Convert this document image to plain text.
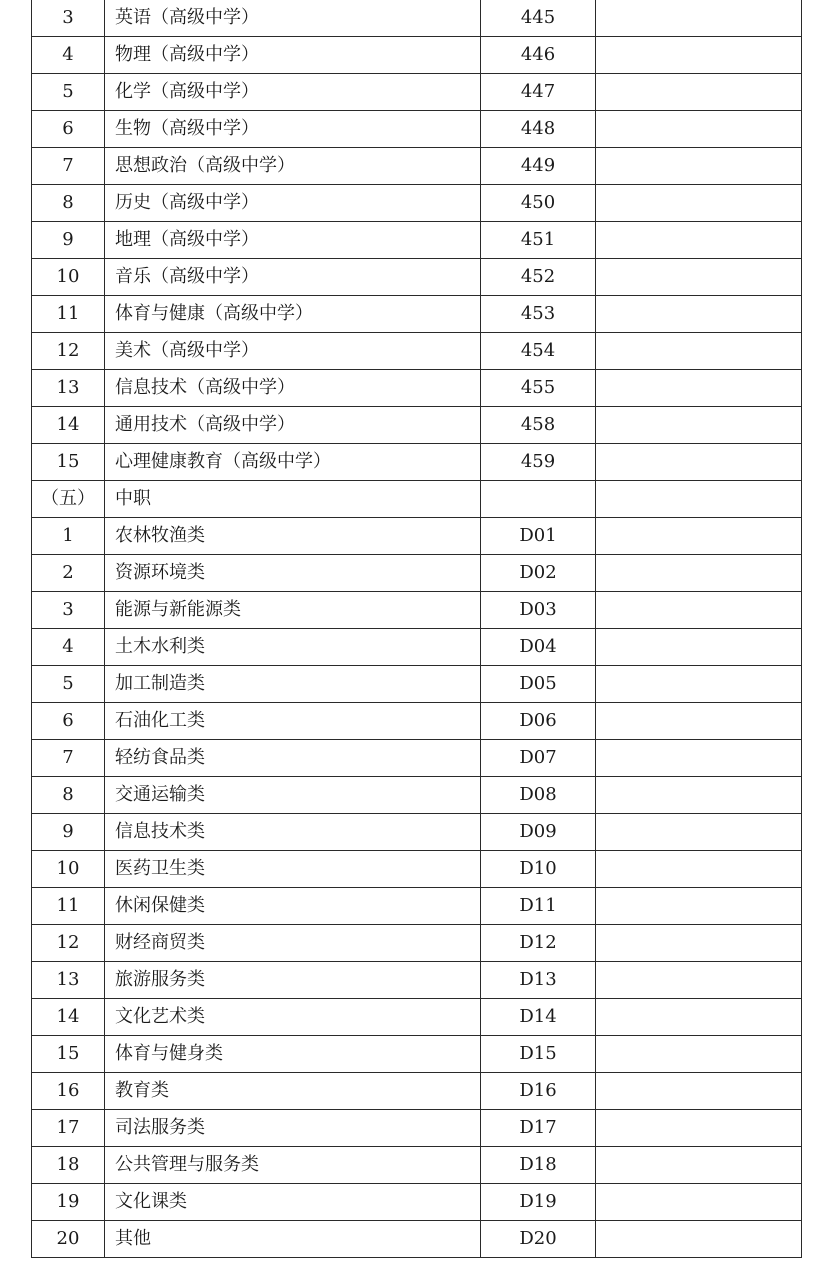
3	英语（高级中学）	445	
4	物理（高级中学）	446	
5	化学（高级中学）	447	
6	生物（高级中学）	448	
7	思想政治（高级中学）	449	
8	历史（高级中学）	450	
9	地理（高级中学）	451	
10	音乐（高级中学）	452	
11	体育与健康（高级中学）	453	
12	美术（高级中学）	454	
13	信息技术（高级中学）	455	
14	通用技术（高级中学）	458	
15	心理健康教育（高级中学）	459	
（五）	中职		
1	农林牧渔类	D01	
2	资源环境类	D02	
3	能源与新能源类	D03	
4	土木水利类	D04	
5	加工制造类	D05	
6	石油化工类	D06	
7	轻纺食品类	D07	
8	交通运输类	D08	
9	信息技术类	D09	
10	医药卫生类	D10	
11	休闲保健类	D11	
12	财经商贸类	D12	
13	旅游服务类	D13	
14	文化艺术类	D14	
15	体育与健身类	D15	
16	教育类	D16	
17	司法服务类	D17	
18	公共管理与服务类	D18	
19	文化课类	D19	
20	其他	D20	
